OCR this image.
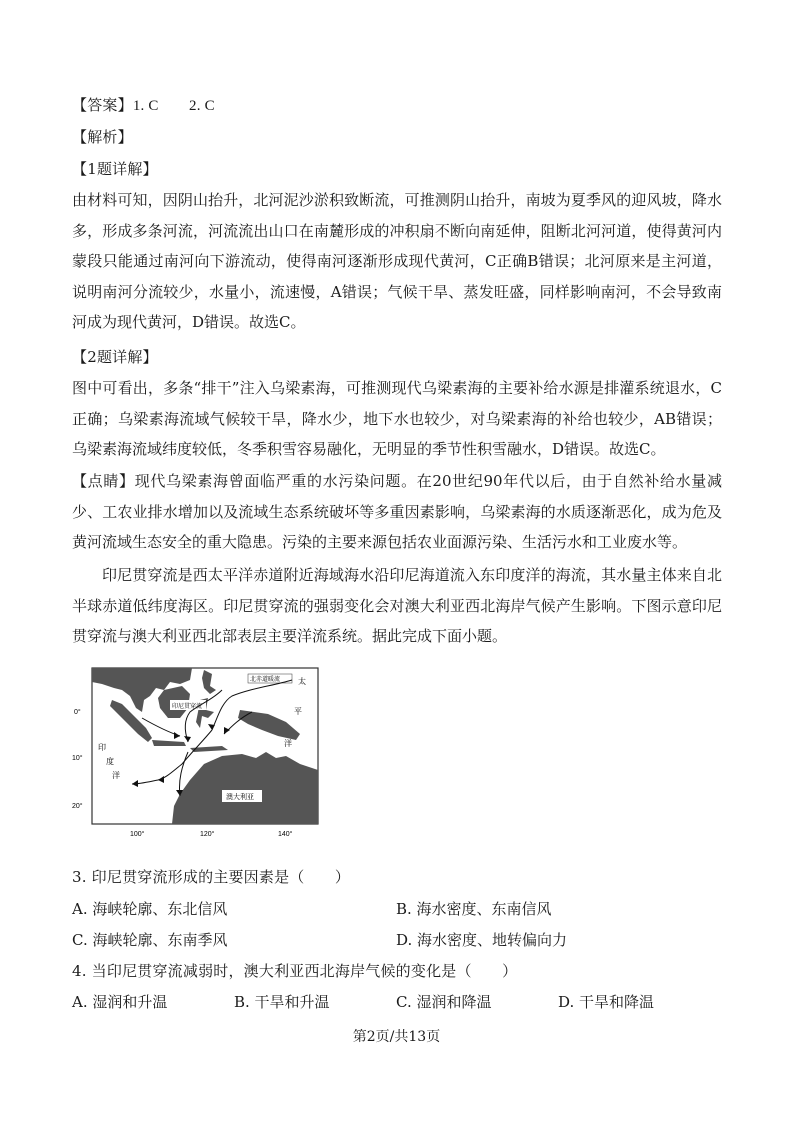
【答案】1. C　　2. C
【解析】
【1题详解】
由材料可知，因阴山抬升，北河泥沙淤积致断流，可推测阴山抬升，南坡为夏季风的迎风坡，降水多，形成多条河流，河流流出山口在南麓形成的冲积扇不断向南延伸，阻断北河河道，使得黄河内蒙段只能通过南河向下游流动，使得南河逐渐形成现代黄河，C正确B错误；北河原来是主河道，说明南河分流较少，水量小，流速慢，A错误；气候干旱、蒸发旺盛，同样影响南河，不会导致南河成为现代黄河，D错误。故选C。
【2题详解】
图中可看出，多条“排干”注入乌梁素海，可推测现代乌梁素海的主要补给水源是排灌系统退水，C正确；乌梁素海流域气候较干旱，降水少，地下水也较少，对乌梁素海的补给也较少，AB错误；乌梁素海流域纬度较低，冬季积雪容易融化，无明显的季节性积雪融水，D错误。故选C。
【点睛】现代乌梁素海曾面临严重的水污染问题。在20世纪90年代以后，由于自然补给水量减少、工农业排水增加以及流域生态系统破坏等多重因素影响，乌梁素海的水质逐渐恶化，成为危及黄河流域生态安全的重大隐患。污染的主要来源包括农业面源污染、生活污水和工业废水等。
印尼贯穿流是西太平洋赤道附近海域海水沿印尼海道流入东印度洋的海流，其水量主体来自北半球赤道低纬度海区。印尼贯穿流的强弱变化会对澳大利亚西北海岸气候产生影响。下图示意印尼贯穿流与澳大利亚西北部表层主要洋流系统。据此完成下面小题。
0°
10°
20°
100°	120°	140°
澳大利亚
印尼贯穿流
北赤道暖流 太
平
洋
印
度
洋
3. 印尼贯穿流形成的主要因素是（　　）
A. 海峡轮廓、东北信风	B. 海水密度、东南信风
C. 海峡轮廓、东南季风	D. 海水密度、地转偏向力
4. 当印尼贯穿流减弱时，澳大利亚西北海岸气候的变化是（　　）
A. 湿润和升温	B. 干旱和升温	C. 湿润和降温	D. 干旱和降温
第2页/共13页
